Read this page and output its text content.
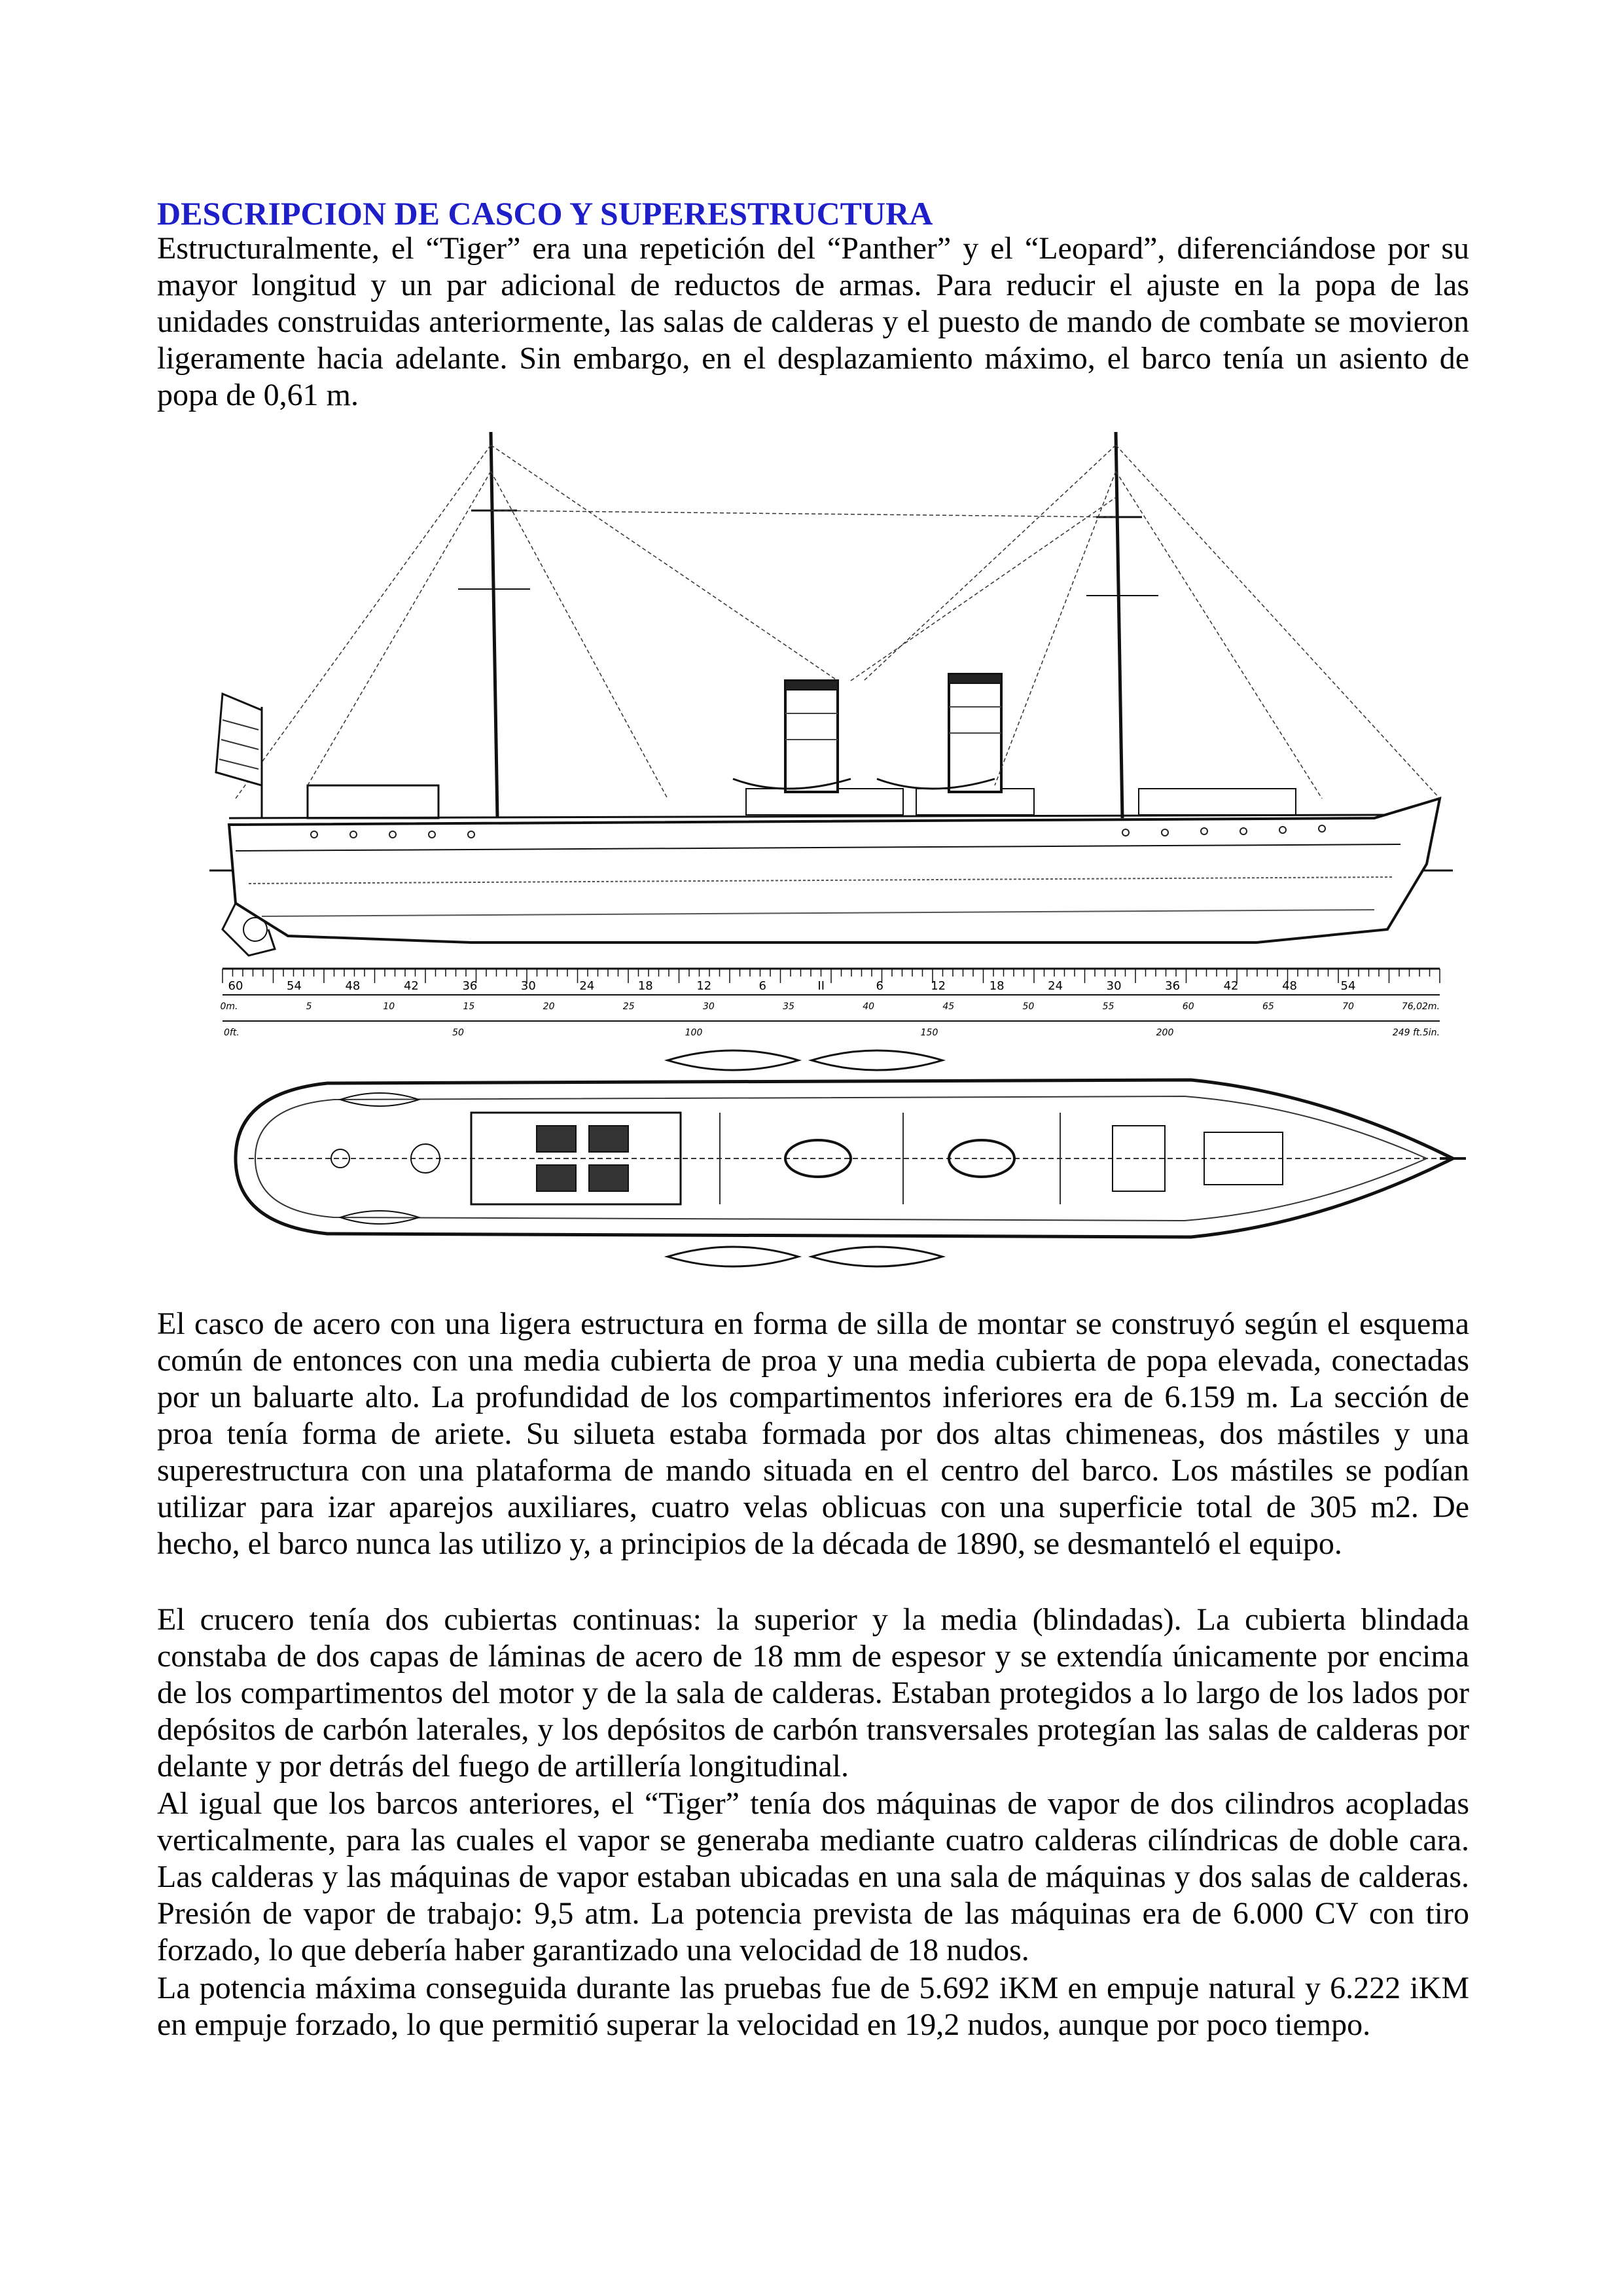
DESCRIPCION DE CASCO Y SUPERESTRUCTURA

Estructuralmente, el “Tiger” era una repetición del “Panther” y el “Leopard”, diferenciándose por su mayor longitud y un par adicional de reductos de armas. Para reducir el ajuste en la popa de las unidades construidas anteriormente, las salas de calderas y el puesto de mando de combate se movieron ligeramente hacia adelante. Sin embargo, en el desplazamiento máximo, el barco tenía un asiento de popa de 0,61 m.

60	54	48	42	36	30	24	18	12	6	II	6	12	18	24	30	36	42	48	54
0m.	5	10	15	20	25	30	35	40	45	50	55	60	65	70
50	100	150	200
76,02m.
0ft.	249 ft.5in.

El casco de acero con una ligera estructura en forma de silla de montar se construyó según el esquema común de entonces con una media cubierta de proa y una media cubierta de popa elevada, conectadas por un baluarte alto. La profundidad de los compartimentos inferiores era de 6.159 m. La sección de proa tenía forma de ariete. Su silueta estaba formada por dos altas chimeneas, dos mástiles y una superestructura con una plataforma de mando situada en el centro del barco. Los mástiles se podían utilizar para izar aparejos auxiliares, cuatro velas oblicuas con una superficie total de 305 m2. De hecho, el barco nunca las utilizo y, a principios de la década de 1890, se desmanteló el equipo.

El crucero tenía dos cubiertas continuas: la superior y la media (blindadas). La cubierta blindada constaba de dos capas de láminas de acero de 18 mm de espesor y se extendía únicamente por encima de los compartimentos del motor y de la sala de calderas. Estaban protegidos a lo largo de los lados por depósitos de carbón laterales, y los depósitos de carbón transversales protegían las salas de calderas por delante y por detrás del fuego de artillería longitudinal.

Al igual que los barcos anteriores, el “Tiger” tenía dos máquinas de vapor de dos cilindros acopladas verticalmente, para las cuales el vapor se generaba mediante cuatro calderas cilíndricas de doble cara. Las calderas y las máquinas de vapor estaban ubicadas en una sala de máquinas y dos salas de calderas. Presión de vapor de trabajo: 9,5 atm. La potencia prevista de las máquinas era de 6.000 CV con tiro forzado, lo que debería haber garantizado una velocidad de 18 nudos.

La potencia máxima conseguida durante las pruebas fue de 5.692 iKM en empuje natural y 6.222 iKM en empuje forzado, lo que permitió superar la velocidad en 19,2 nudos, aunque por poco tiempo.
